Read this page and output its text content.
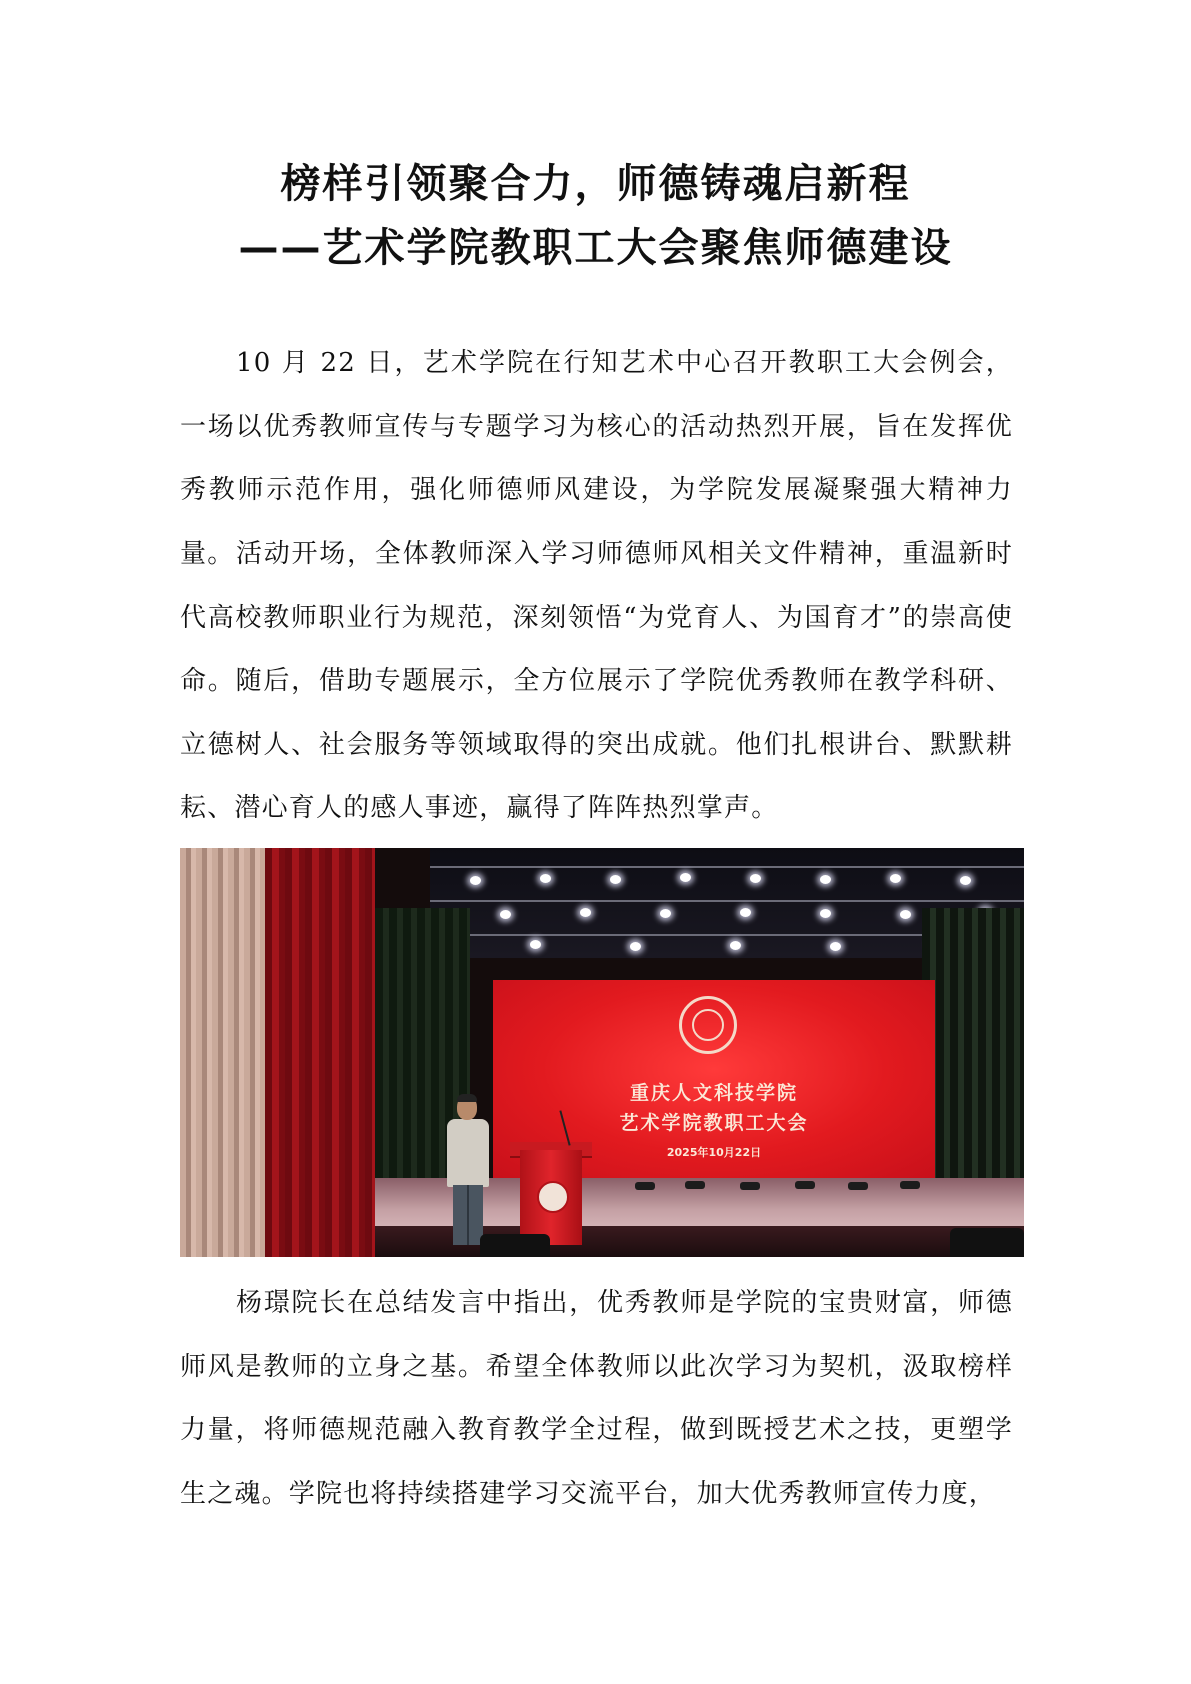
榜样引领聚合力，师德铸魂启新程
——艺术学院教职工大会聚焦师德建设

10 月 22 日，艺术学院在行知艺术中心召开教职工大会例会，一场以优秀教师宣传与专题学习为核心的活动热烈开展，旨在发挥优秀教师示范作用，强化师德师风建设，为学院发展凝聚强大精神力量。 活动开场，全体教师深入学习师德师风相关文件精神，重温新时代高校教师职业行为规范，深刻领悟“为党育人、为国育才”的崇高使命。随后，借助专题展示，全方位展示了学院优秀教师在教学科研、立德树人、社会服务等领域取得的突出成就。他们扎根讲台、默默耕耘、潜心育人的感人事迹，赢得了阵阵热烈掌声。

重庆人文科技学院
艺术学院教职工大会
2025年10月22日

杨璟院长在总结发言中指出，优秀教师是学院的宝贵财富，师德师风是教师的立身之基。希望全体教师以此次学习为契机，汲取榜样力量，将师德规范融入教育教学全过程，做到既授艺术之技，更塑学生之魂。学院也将持续搭建学习交流平台，加大优秀教师宣传力度，
